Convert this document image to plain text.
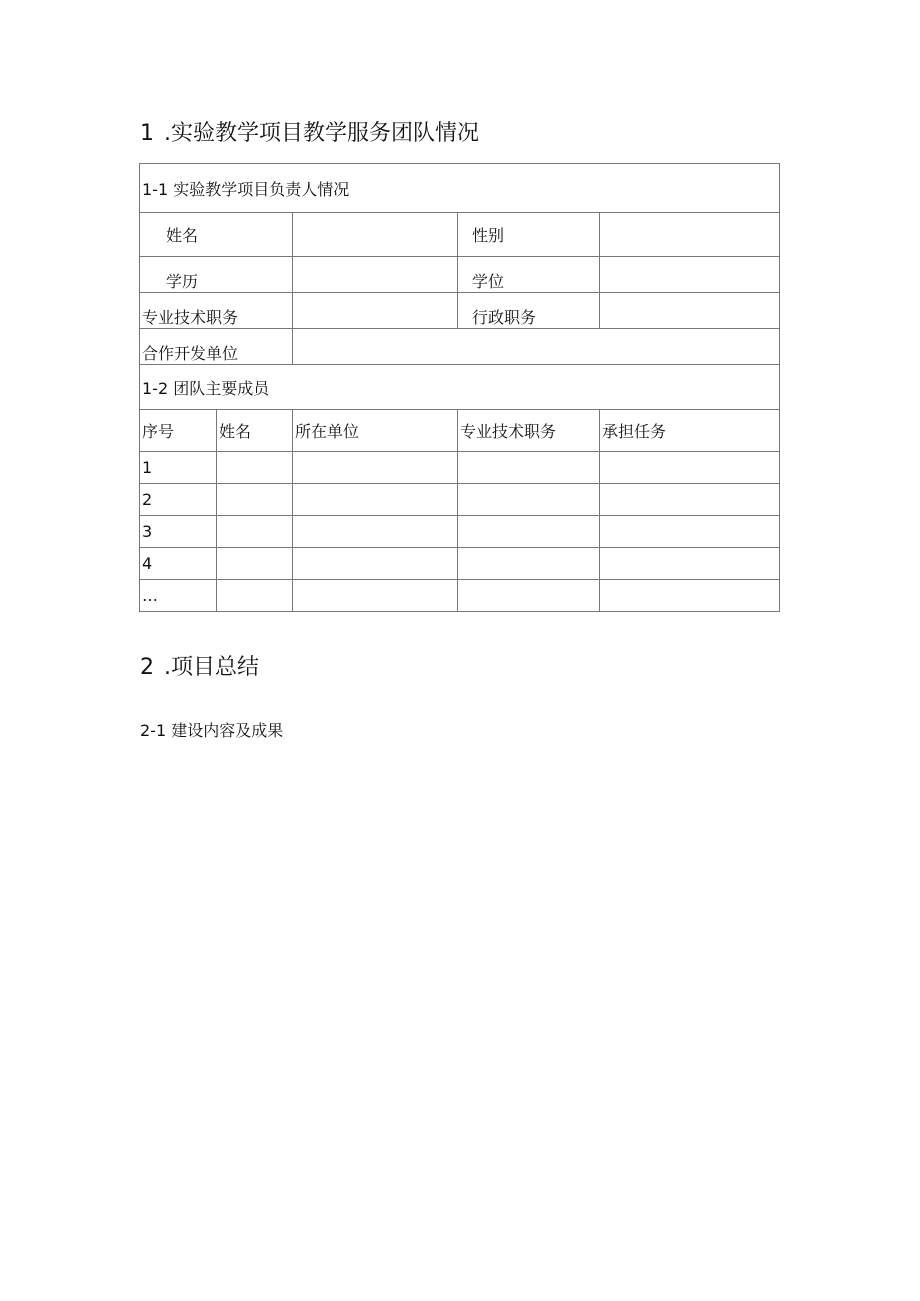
1 .实验教学项目教学服务团队情况
1-1 实验教学项目负责人情况				
姓名			性别	
学历			学位	
专业技术职务			行政职务	
合作开发单位				
1-2 团队主要成员				
序号	姓名	所在单位	专业技术职务	承担任务
1				
2				
3				
4				
…				
2 .项目总结
2-1 建设内容及成果
